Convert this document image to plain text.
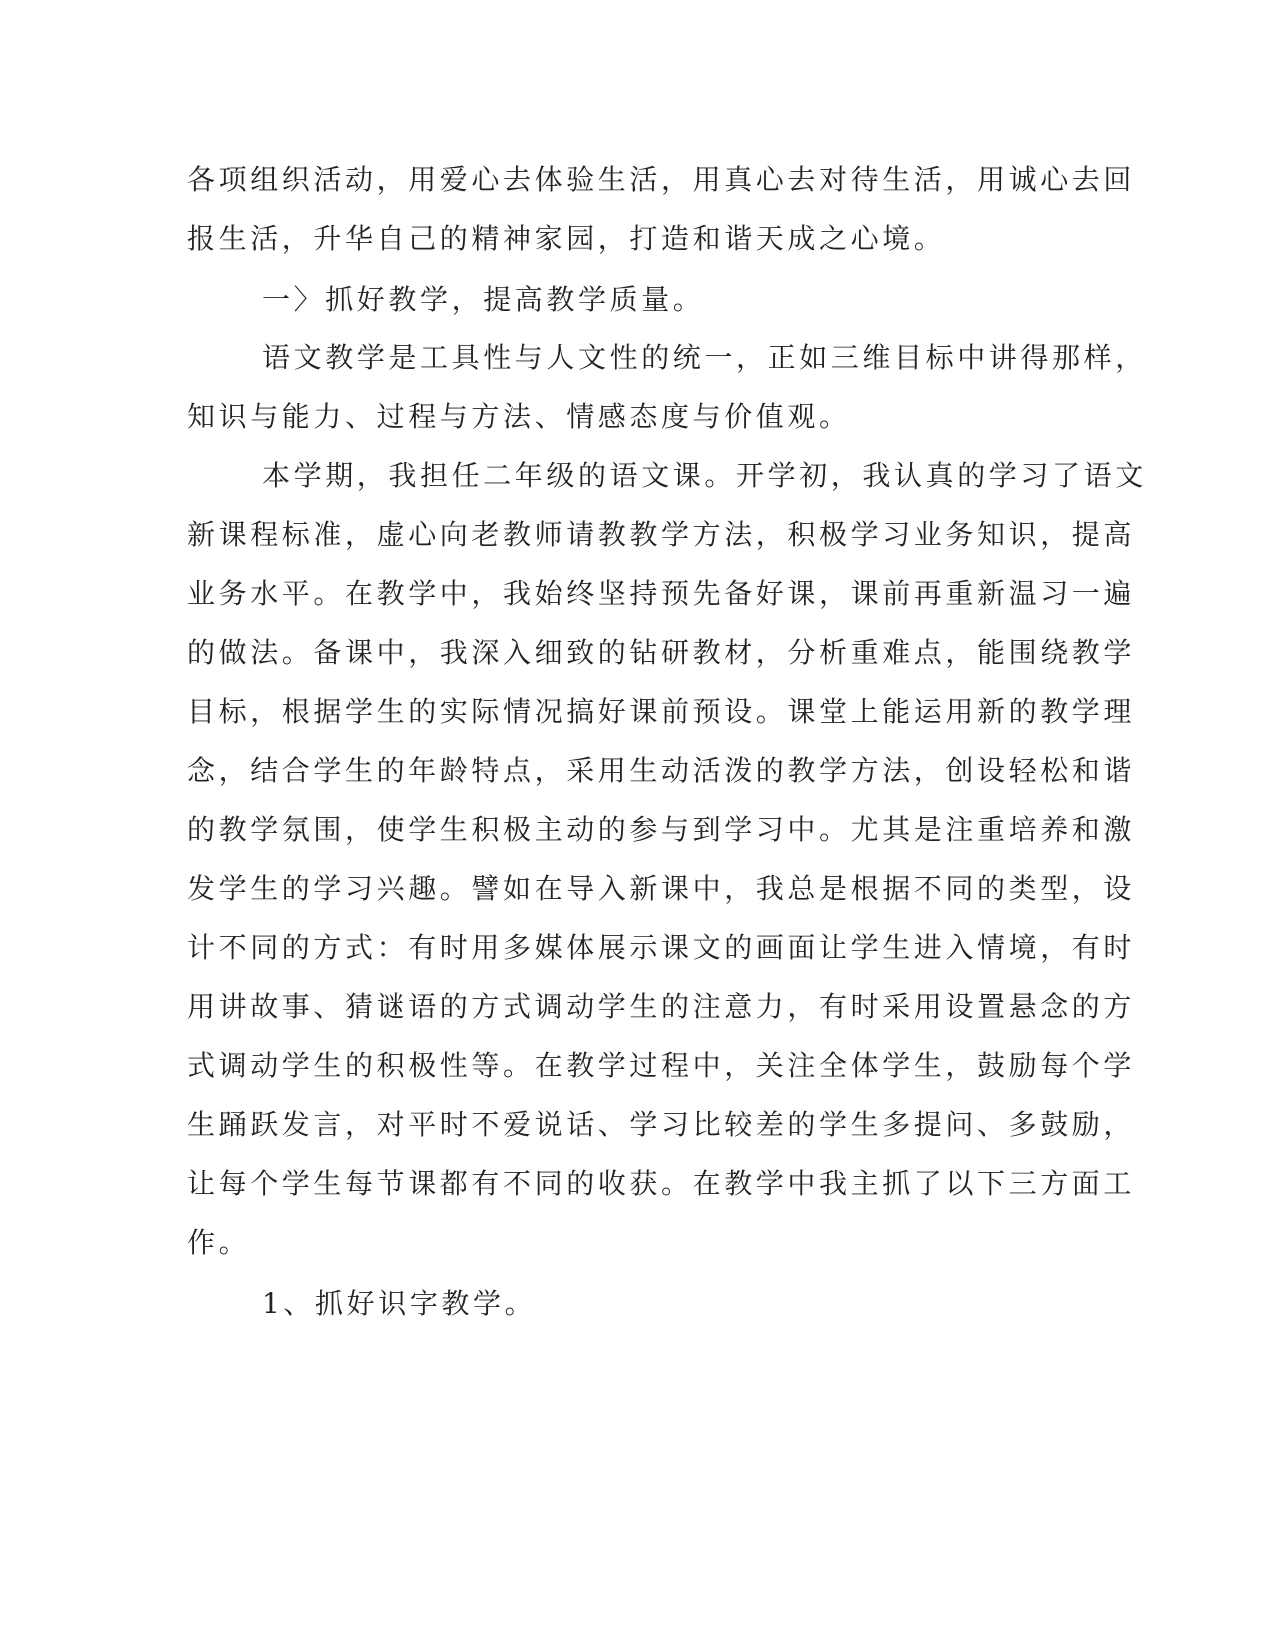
各项组织活动，用爱心去体验生活，用真心去对待生活，用诚心去回
报生活，升华自己的精神家园，打造和谐天成之心境。
一〉抓好教学，提高教学质量。
语文教学是工具性与人文性的统一，正如三维目标中讲得那样，
知识与能力、过程与方法、情感态度与价值观。
本学期，我担任二年级的语文课。开学初，我认真的学习了语文
新课程标准，虚心向老教师请教教学方法，积极学习业务知识，提高
业务水平。在教学中，我始终坚持预先备好课，课前再重新温习一遍
的做法。备课中，我深入细致的钻研教材，分析重难点，能围绕教学
目标，根据学生的实际情况搞好课前预设。课堂上能运用新的教学理
念，结合学生的年龄特点，采用生动活泼的教学方法，创设轻松和谐
的教学氛围，使学生积极主动的参与到学习中。尤其是注重培养和激
发学生的学习兴趣。譬如在导入新课中，我总是根据不同的类型，设
计不同的方式：有时用多媒体展示课文的画面让学生进入情境，有时
用讲故事、猜谜语的方式调动学生的注意力，有时采用设置悬念的方
式调动学生的积极性等。在教学过程中，关注全体学生，鼓励每个学
生踊跃发言，对平时不爱说话、学习比较差的学生多提问、多鼓励，
让每个学生每节课都有不同的收获。在教学中我主抓了以下三方面工
作。
1、抓好识字教学。
